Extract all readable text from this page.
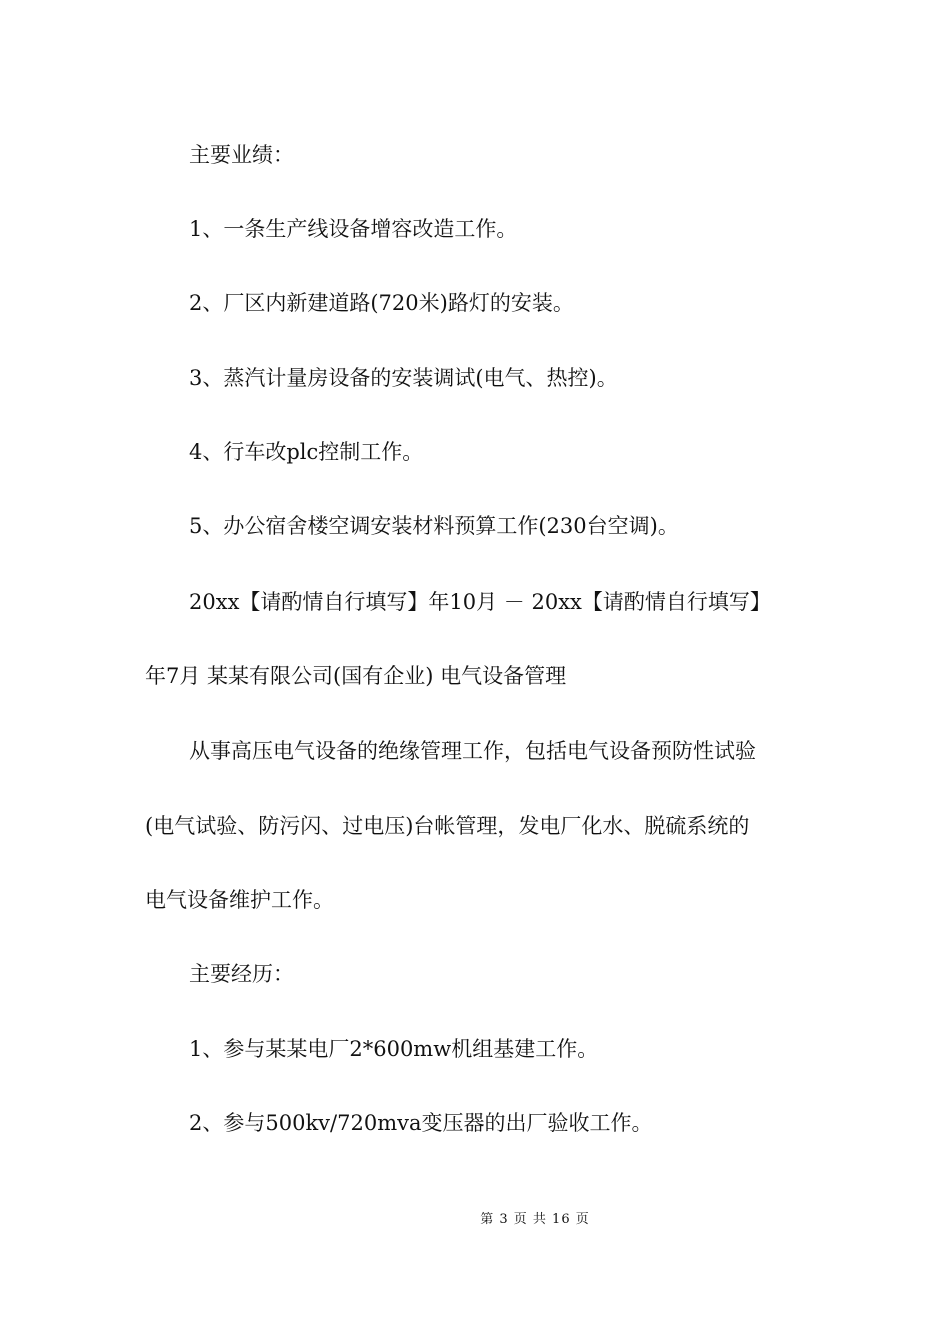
主要业绩：
1、一条生产线设备增容改造工作。
2、厂区内新建道路(720米)路灯的安装。
3、蒸汽计量房设备的安装调试(电气、热控)。
4、行车改plc控制工作。
5、办公宿舍楼空调安装材料预算工作(230台空调)。
20xx【请酌情自行填写】年10月 － 20xx【请酌情自行填写】
年7月 某某有限公司(国有企业) 电气设备管理
从事高压电气设备的绝缘管理工作，包括电气设备预防性试验
(电气试验、防污闪、过电压)台帐管理，发电厂化水、脱硫系统的
电气设备维护工作。
主要经历：
1、参与某某电厂2*600mw机组基建工作。
2、参与500kv/720mva变压器的出厂验收工作。
第 3 页 共 16 页
